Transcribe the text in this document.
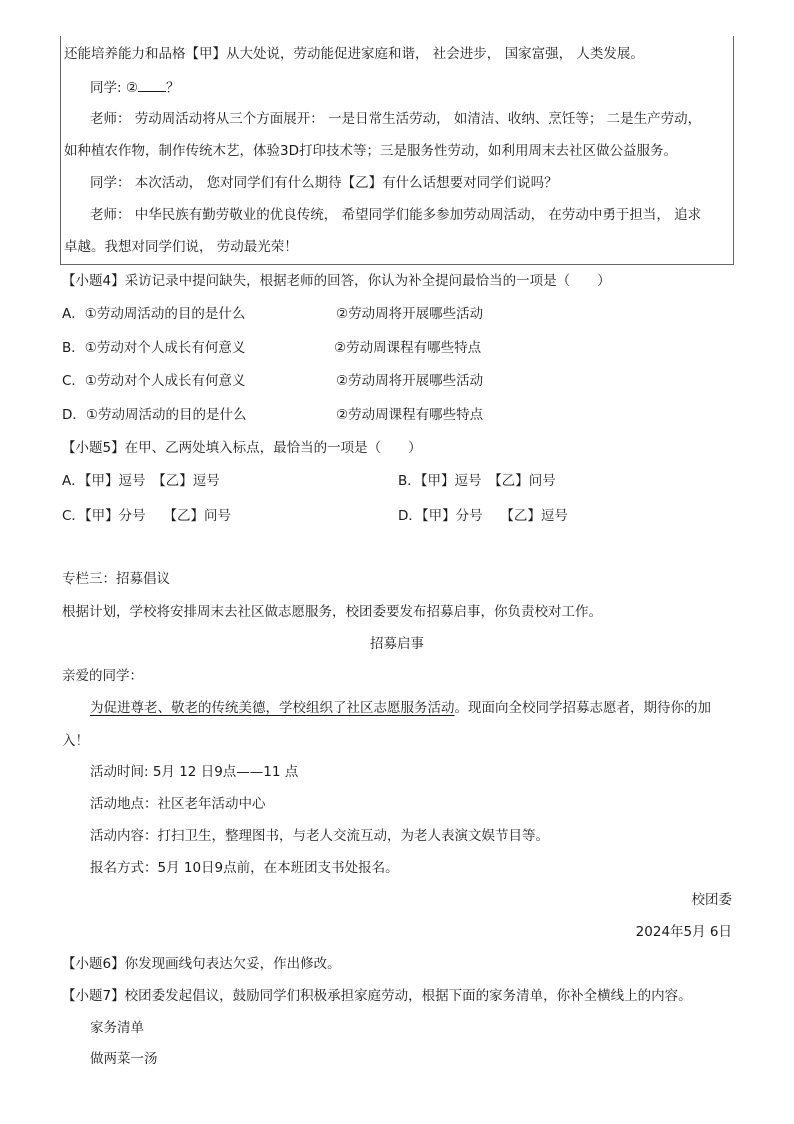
还能培养能力和品格【甲】从大处说，劳动能促进家庭和谐， 社会进步， 国家富强， 人类发展。
同学: ② ？
老师： 劳动周活动将从三个方面展开： 一是日常生活劳动， 如清洁、收纳、烹饪等； 二是生产劳动，
如种植农作物，制作传统木艺，体验3D打印技术等；三是服务性劳动，如利用周末去社区做公益服务。
同学： 本次活动， 您对同学们有什么期待【乙】有什么话想要对同学们说吗？
老师： 中华民族有勤劳敬业的优良传统， 希望同学们能多参加劳动周活动， 在劳动中勇于担当， 追求
卓越。我想对同学们说， 劳动最光荣！
【小题4】采访记录中提问缺失，根据老师的回答，你认为补全提问最恰当的一项是（　　）
A．①劳动周活动的目的是什么	②劳动周将开展哪些活动
B．①劳动对个人成长有何意义	②劳动周课程有哪些特点
C．①劳动对个人成长有何意义	②劳动周将开展哪些活动
D．①劳动周活动的目的是什么	②劳动周课程有哪些特点
【小题5】在甲、乙两处填入标点，最恰当的一项是（　　）
A．【甲】逗号　【乙】逗号	B．【甲】逗号　【乙】问号
C．【甲】分号　 【乙】问号	D．【甲】分号　 【乙】逗号
专栏三：招募倡议
根据计划，学校将安排周末去社区做志愿服务，校团委要发布招募启事，你负责校对工作。
招募启事
亲爱的同学：
为促进尊老、敬老的传统美德，学校组织了社区志愿服务活动。现面向全校同学招募志愿者，期待你的加
入！
活动时间: 5月 12 日9点——11 点
活动地点：社区老年活动中心
活动内容：打扫卫生，整理图书，与老人交流互动，为老人表演文娱节目等。
报名方式：5月 10日9点前，在本班团支书处报名。
校团委
2024年5月 6日
【小题6】你发现画线句表达欠妥，作出修改。
【小题7】校团委发起倡议，鼓励同学们积极承担家庭劳动，根据下面的家务清单，你补全横线上的内容。
家务清单
做两菜一汤
